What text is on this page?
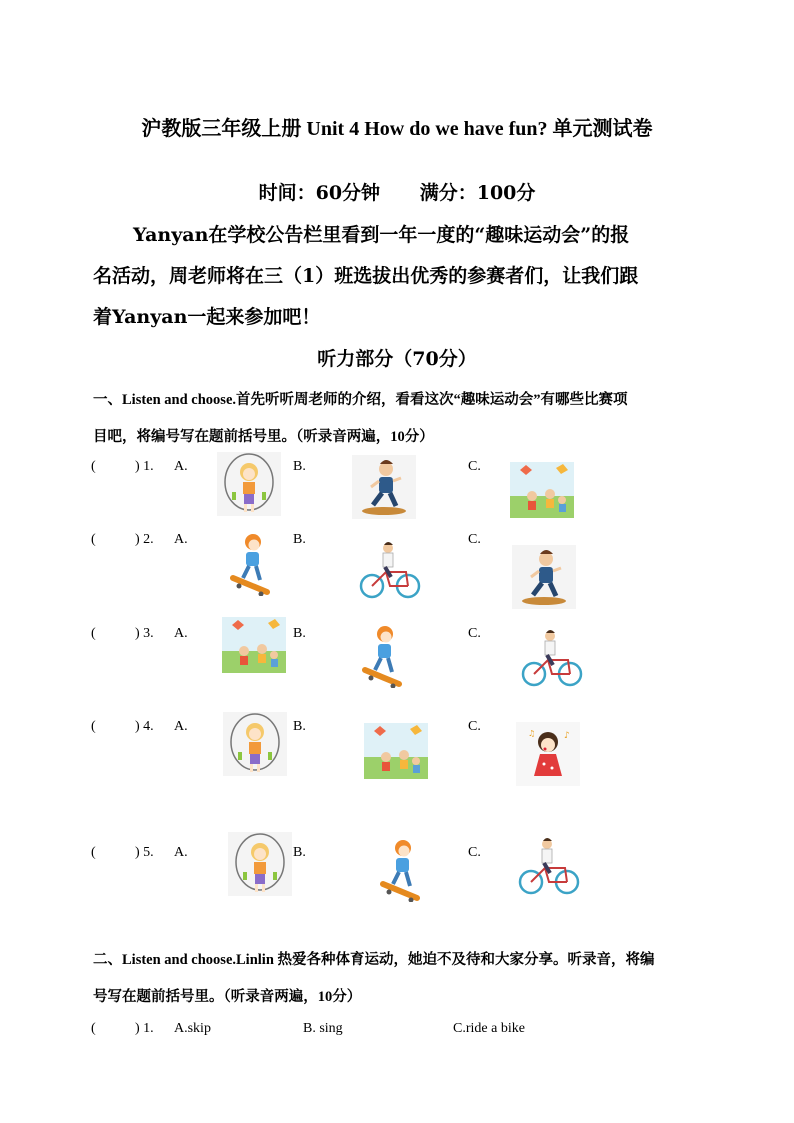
沪教版三年级上册 Unit 4 How do we have fun? 单元测试卷
时间：60分钟      满分：100分

Yanyan在学校公告栏里看到一年一度的“趣味运动会”的报

名活动，周老师将在三（1）班选拔出优秀的参赛者们，让我们跟

着Yanyan一起来参加吧！

听力部分（70分）
一、Listen and choose.首先听听周老师的介绍，看看这次“趣味运动会”有哪些比赛项
目吧，将编号写在题前括号里。（听录音两遍，10分）
(	) 1. A.	B.	C.
(	) 2. A.	B.	C.
(	) 3. A.	B.	C.
(	) 4. A.	B.	C.
(	) 5. A.	B.	C.
二、Listen and choose.Linlin 热爱各种体育运动，她迫不及待和大家分享。听录音，将编
号写在题前括号里。（听录音两遍，10分）
(	) 1. A.skip	B. sing	C.ride a bike
